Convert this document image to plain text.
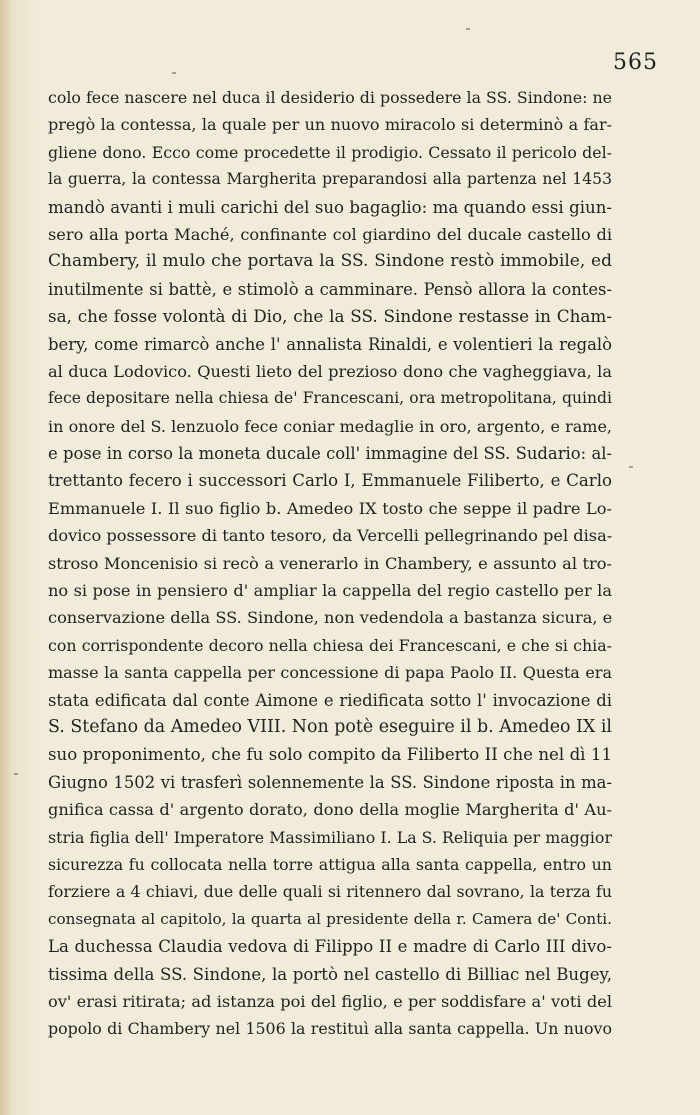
565
colo fece nascere nel duca il desiderio di possedere la SS. Sindone: ne
pregò la contessa, la quale per un nuovo miracolo si determinò a far-
gliene dono. Ecco come procedette il prodigio. Cessato il pericolo del-
la guerra, la contessa Margherita preparandosi alla partenza nel 1453
mandò avanti i muli carichi del suo bagaglio: ma quando essi giun-
sero alla porta Maché, confinante col giardino del ducale castello di
Chambery, il mulo che portava la SS. Sindone restò immobile, ed
inutilmente si battè, e stimolò a camminare. Pensò allora la contes-
sa, che fosse volontà di Dio, che la SS. Sindone restasse in Cham-
bery, come rimarcò anche l' annalista Rinaldi, e volentieri la regalò
al duca Lodovico. Questi lieto del prezioso dono che vagheggiava, la
fece depositare nella chiesa de' Francescani, ora metropolitana, quindi
in onore del S. lenzuolo fece coniar medaglie in oro, argento, e rame,
e pose in corso la moneta ducale coll' immagine del SS. Sudario: al-
trettanto fecero i successori Carlo I, Emmanuele Filiberto, e Carlo
Emmanuele I. Il suo figlio b. Amedeo IX tosto che seppe il padre Lo-
dovico possessore di tanto tesoro, da Vercelli pellegrinando pel disa-
stroso Moncenisio si recò a venerarlo in Chambery, e assunto al tro-
no si pose in pensiero d' ampliar la cappella del regio castello per la
conservazione della SS. Sindone, non vedendola a bastanza sicura, e
con corrispondente decoro nella chiesa dei Francescani, e che si chia-
masse la santa cappella per concessione di papa Paolo II. Questa era
stata edificata dal conte Aimone e riedificata sotto l' invocazione di
S. Stefano da Amedeo VIII. Non potè eseguire il b. Amedeo IX il
suo proponimento, che fu solo compito da Filiberto II che nel dì 11
Giugno 1502 vi trasferì solennemente la SS. Sindone riposta in ma-
gnifica cassa d' argento dorato, dono della moglie Margherita d' Au-
stria figlia dell' Imperatore Massimiliano I. La S. Reliquia per maggior
sicurezza fu collocata nella torre attigua alla santa cappella, entro un
forziere a 4 chiavi, due delle quali si ritennero dal sovrano, la terza fu
consegnata al capitolo, la quarta al presidente della r. Camera de' Conti.
La duchessa Claudia vedova di Filippo II e madre di Carlo III divo-
tissima della SS. Sindone, la portò nel castello di Billiac nel Bugey,
ov' erasi ritirata; ad istanza poi del figlio, e per soddisfare a' voti del
popolo di Chambery nel 1506 la restituì alla santa cappella. Un nuovo
